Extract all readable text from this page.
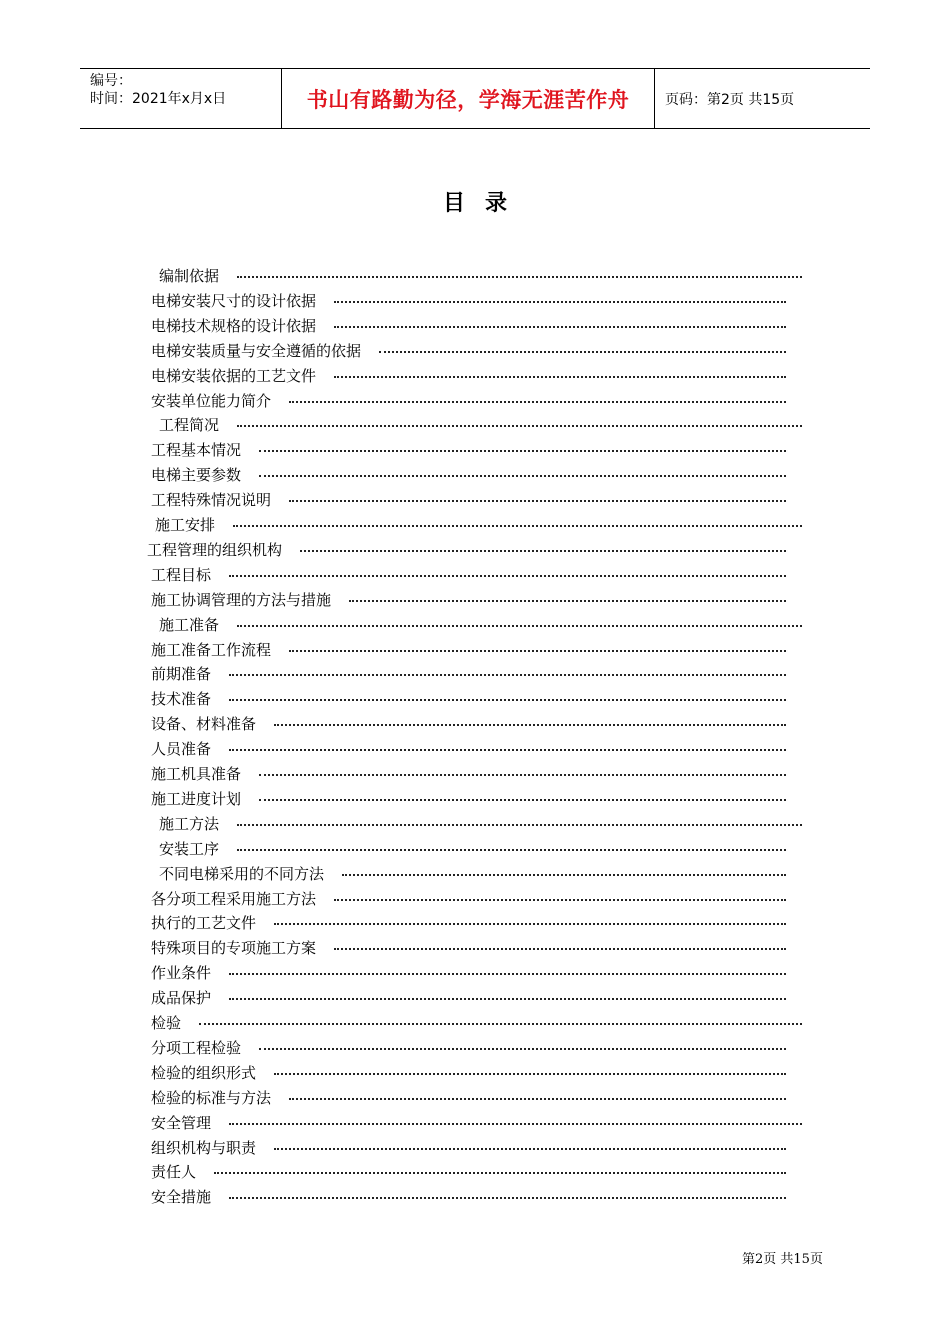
编号：
时间：2021年x月x日	书山有路勤为径，学海无涯苦作舟	页码：第2页 共15页
目录
编制依据
电梯安装尺寸的设计依据
电梯技术规格的设计依据
电梯安装质量与安全遵循的依据
电梯安装依据的工艺文件
安装单位能力简介
工程简况
工程基本情况
电梯主要参数
工程特殊情况说明
施工安排
工程管理的组织机构
工程目标
施工协调管理的方法与措施
施工准备
施工准备工作流程
前期准备
技术准备
设备、材料准备
人员准备
施工机具准备
施工进度计划
施工方法
安装工序
不同电梯采用的不同方法
各分项工程采用施工方法
执行的工艺文件
特殊项目的专项施工方案
作业条件
成品保护
检验
分项工程检验
检验的组织形式
检验的标准与方法
安全管理
组织机构与职责
责任人
安全措施
第2页 共15页
